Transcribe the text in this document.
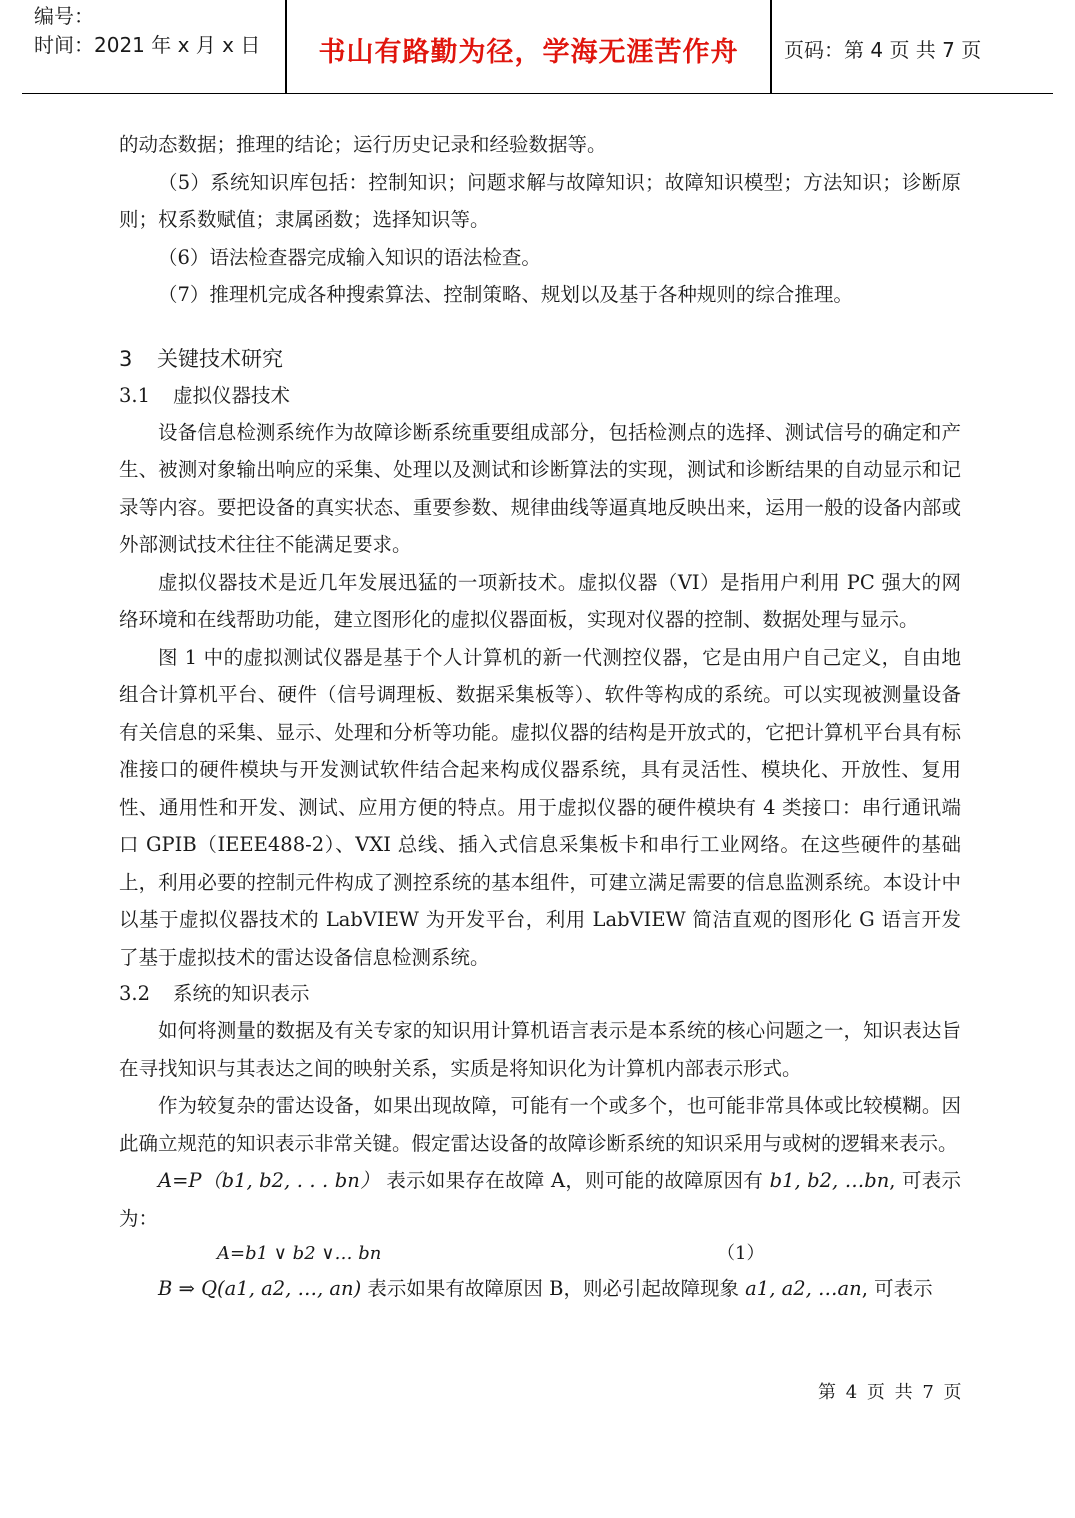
编号：
时间：2021 年 x 月 x 日	书山有路勤为径，学海无涯苦作舟	页码：第 4 页 共 7 页

的动态数据；推理的结论；运行历史记录和经验数据等。

（5）系统知识库包括：控制知识；问题求解与故障知识；故障知识模型；方法知识；诊断原则；权系数赋值；隶属函数；选择知识等。

（6）语法检查器完成输入知识的语法检查。

（7）推理机完成各种搜索算法、控制策略、规划以及基于各种规则的综合推理。

3 关键技术研究

3.1 虚拟仪器技术

设备信息检测系统作为故障诊断系统重要组成部分，包括检测点的选择、测试信号的确定和产生、被测对象输出响应的采集、处理以及测试和诊断算法的实现，测试和诊断结果的自动显示和记录等内容。要把设备的真实状态、重要参数、规律曲线等逼真地反映出来，运用一般的设备内部或外部测试技术往往不能满足要求。

虚拟仪器技术是近几年发展迅猛的一项新技术。虚拟仪器（VI）是指用户利用 PC 强大的网络环境和在线帮助功能，建立图形化的虚拟仪器面板，实现对仪器的控制、数据处理与显示。

图 1 中的虚拟测试仪器是基于个人计算机的新一代测控仪器，它是由用户自己定义，自由地组合计算机平台、硬件（信号调理板、数据采集板等）、软件等构成的系统。可以实现被测量设备有关信息的采集、显示、处理和分析等功能。虚拟仪器的结构是开放式的，它把计算机平台具有标准接口的硬件模块与开发测试软件结合起来构成仪器系统，具有灵活性、模块化、开放性、复用性、通用性和开发、测试、应用方便的特点。用于虚拟仪器的硬件模块有 4 类接口：串行通讯端口 GPIB（IEEE488-2）、VXI 总线、插入式信息采集板卡和串行工业网络。在这些硬件的基础上，利用必要的控制元件构成了测控系统的基本组件，可建立满足需要的信息监测系统。本设计中以基于虚拟仪器技术的 LabVIEW 为开发平台，利用 LabVIEW 简洁直观的图形化 G 语言开发了基于虚拟技术的雷达设备信息检测系统。

3.2 系统的知识表示

如何将测量的数据及有关专家的知识用计算机语言表示是本系统的核心问题之一，知识表达旨在寻找知识与其表达之间的映射关系，实质是将知识化为计算机内部表示形式。

作为较复杂的雷达设备，如果出现故障，可能有一个或多个，也可能非常具体或比较模糊。因此确立规范的知识表示非常关键。假定雷达设备的故障诊断系统的知识采用与或树的逻辑来表示。

A=P（b1, b2, . . . bn） 表示如果存在故障 A，则可能的故障原因有 b1, b2, …bn, 可表示为：

A=b1 ∨ b2 ∨… bn	（1）

B ⇒ Q(a1, a2, …, an) 表示如果有故障原因 B，则必引起故障现象 a1, a2, …an, 可表示

第 4 页 共 7 页
